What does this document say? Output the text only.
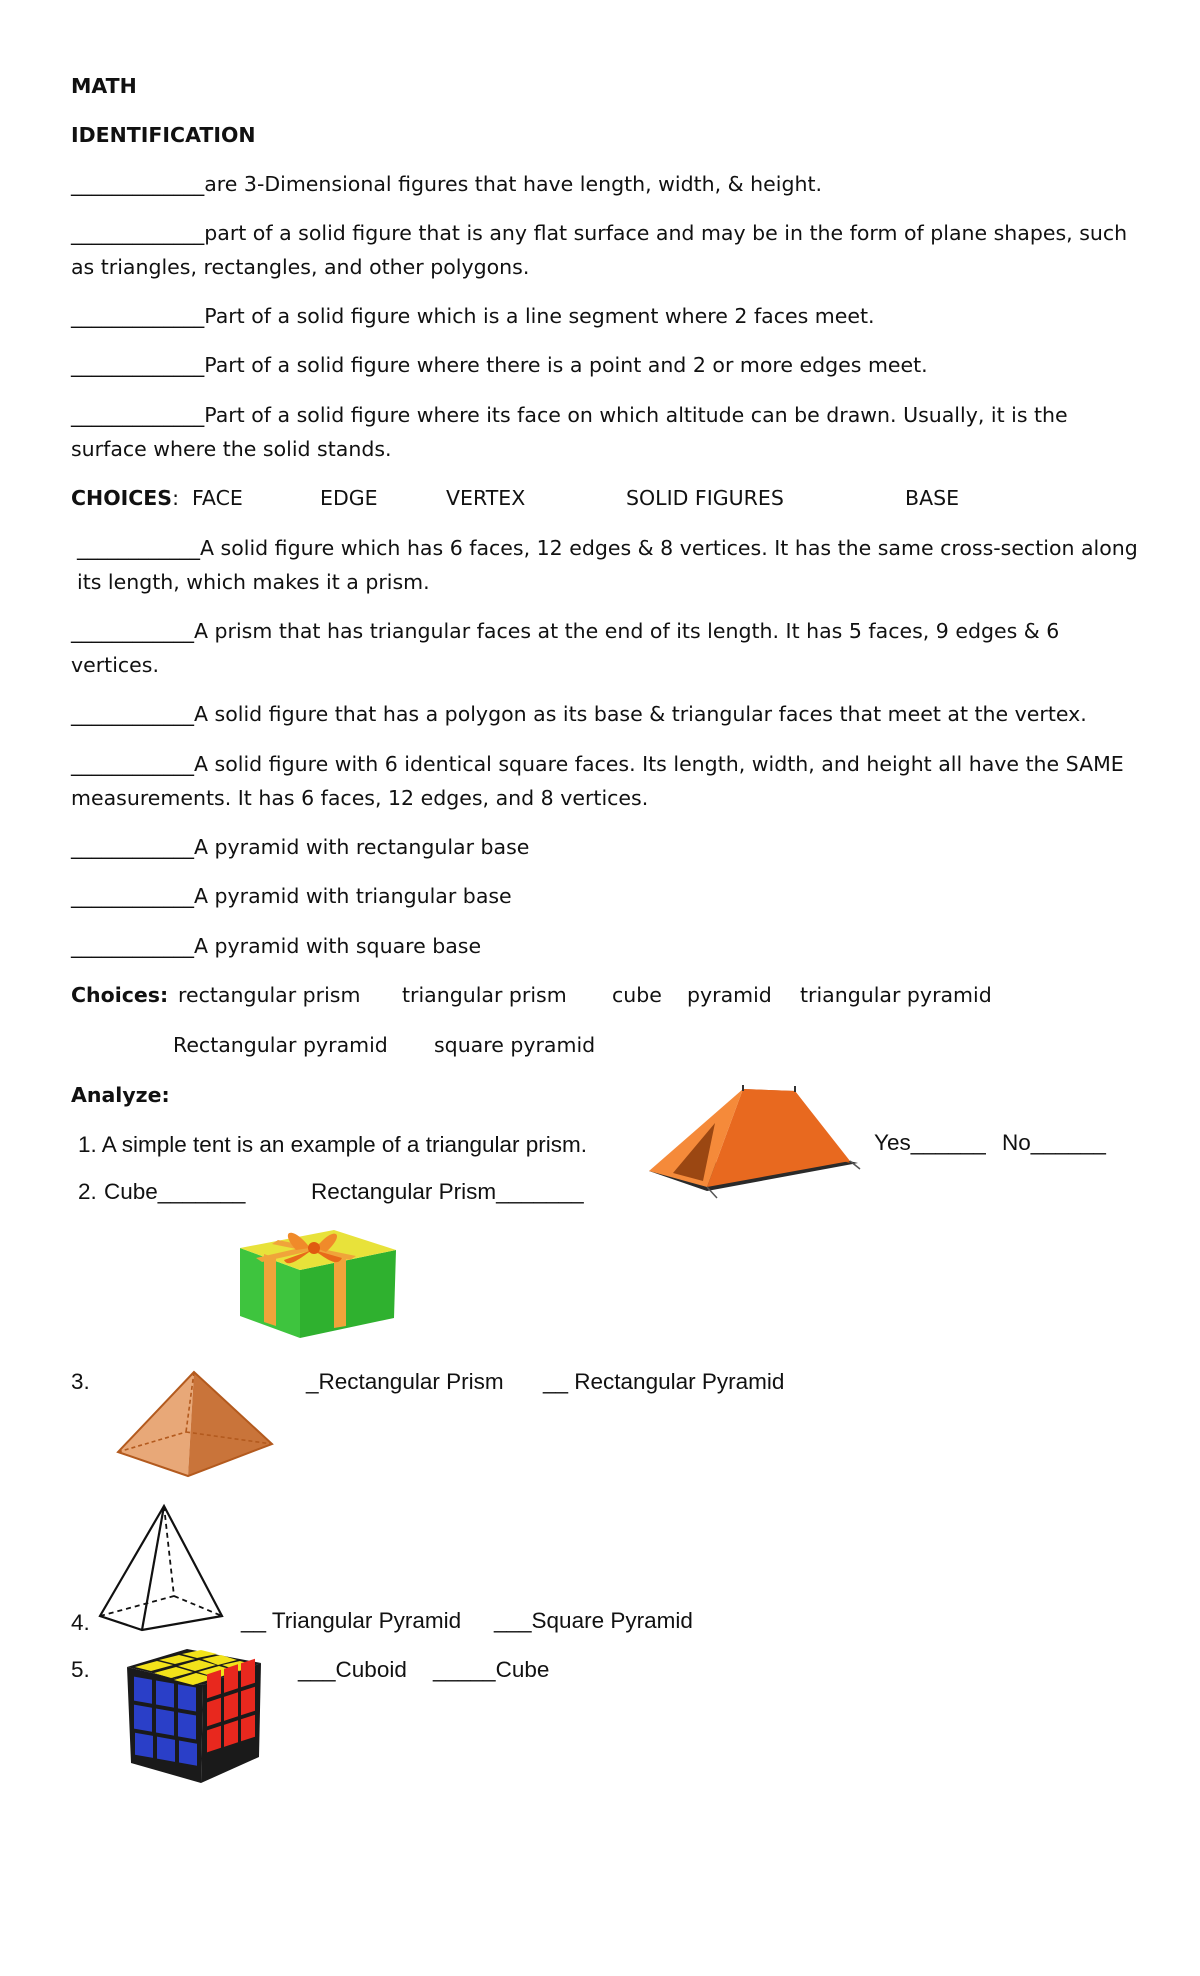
MATH
IDENTIFICATION
_____________are 3-Dimensional figures that have length, width, & height.
_____________part of a solid figure that is any flat surface and may be in the form of plane shapes, such as triangles, rectangles, and other polygons.
_____________Part of a solid figure which is a line segment where 2 faces meet.
_____________Part of a solid figure where there is a point and 2 or more edges meet.
_____________Part of a solid figure where its face on which altitude can be drawn. Usually, it is the surface where the solid stands.
CHOICES: FACE	EDGE	VERTEX	SOLID FIGURES	BASE
____________A solid figure which has 6 faces, 12 edges & 8 vertices. It has the same cross-section along its length, which makes it a prism.
____________A prism that has triangular faces at the end of its length. It has 5 faces, 9 edges & 6 vertices.
____________A solid figure that has a polygon as its base & triangular faces that meet at the vertex.
____________A solid figure with 6 identical square faces. Its length, width, and height all have the SAME measurements. It has 6 faces, 12 edges, and 8 vertices.
____________A pyramid with rectangular base
____________A pyramid with triangular base
____________A pyramid with square base
Choices: rectangular prism triangular prism cube pyramid triangular pyramid
Rectangular pyramid square pyramid
Analyze:
1. A simple tent is an example of a triangular prism.	Yes______ No______
2. Cube_______	Rectangular Prism_______
3.	_Rectangular Prism __ Rectangular Pyramid
4.	__ Triangular Pyramid ___Square Pyramid
5.	___Cuboid _____Cube
